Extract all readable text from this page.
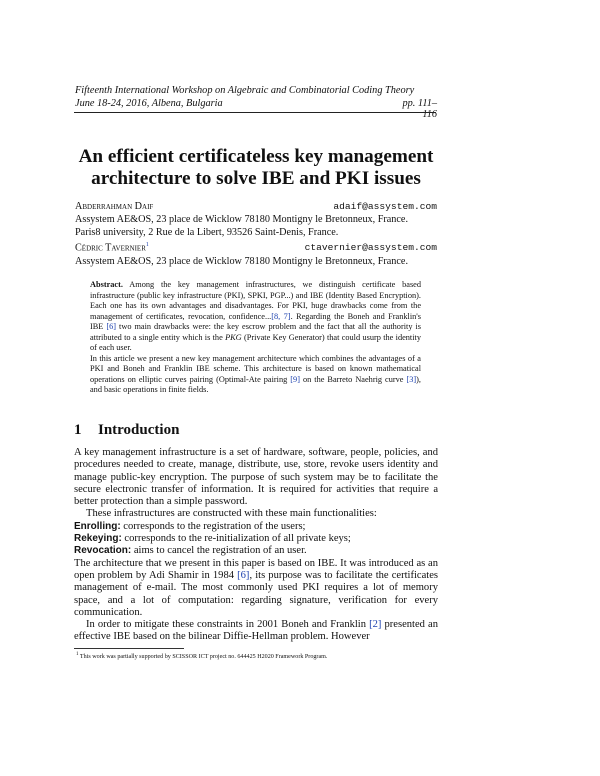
Fifteenth International Workshop on Algebraic and Combinatorial Coding Theory
June 18-24, 2016, Albena, Bulgaria	pp. 111–116
An efficient certificateless key management
architecture to solve IBE and PKI issues
Abderrahman Daif	adaif@assystem.com
Assystem AE&OS, 23 place de Wicklow 78180 Montigny le Bretonneux, France.
Paris8 university, 2 Rue de la Libert, 93526 Saint-Denis, France.
Cédric Tavernier$^1$	ctavernier@assystem.com
Assystem AE&OS, 23 place de Wicklow 78180 Montigny le Bretonneux, France.
Abstract. Among the key management infrastructures, we distinguish certificate based infrastructure (public key infrastructure (PKI), SPKI, PGP...) and IBE (Identity Based Encryption). Each one has its own advantages and disadvantages. For PKI, huge drawbacks come from the management of certificates, revocation, confidence...[8, 7]. Regarding the Boneh and Franklin's IBE [6] two main drawbacks were: the key escrow problem and the fact that all the authority is attributed to a single entity which is the PKG (Private Key Generator) that could usurp the identity of each user.
In this article we present a new key management architecture which combines the advantages of a PKI and Boneh and Franklin IBE scheme. This architecture is based on known mathematical operations on elliptic curves pairing (Optimal-Ate pairing [9] on the Barreto Naehrig curve [3]), and basic operations in finite fields.
1 Introduction

A key management infrastructure is a set of hardware, software, people, policies, and procedures needed to create, manage, distribute, use, store, revoke users identity and manage public-key encryption. The purpose of such system may be to facilitate the secure electronic transfer of information. It is required for activities that require a better protection than a simple password.

These infrastructures are constructed with these main functionalities:

Enrolling: corresponds to the registration of the users;

Rekeying: corresponds to the re-initialization of all private keys;

Revocation: aims to cancel the registration of an user.

The architecture that we present in this paper is based on IBE. It was introduced as an open problem by Adi Shamir in 1984 [6], its purpose was to facilitate the certificates management of e-mail. The most commonly used PKI requires a lot of memory space, and a lot of computation: regarding signature, verification for every communication.

In order to mitigate these constraints in 2001 Boneh and Franklin [2] presented an effective IBE based on the bilinear Diffie-Hellman problem. However

$^1$ This work was partially supported by SCISSOR ICT project no. 644425 H2020 Framework Program.
